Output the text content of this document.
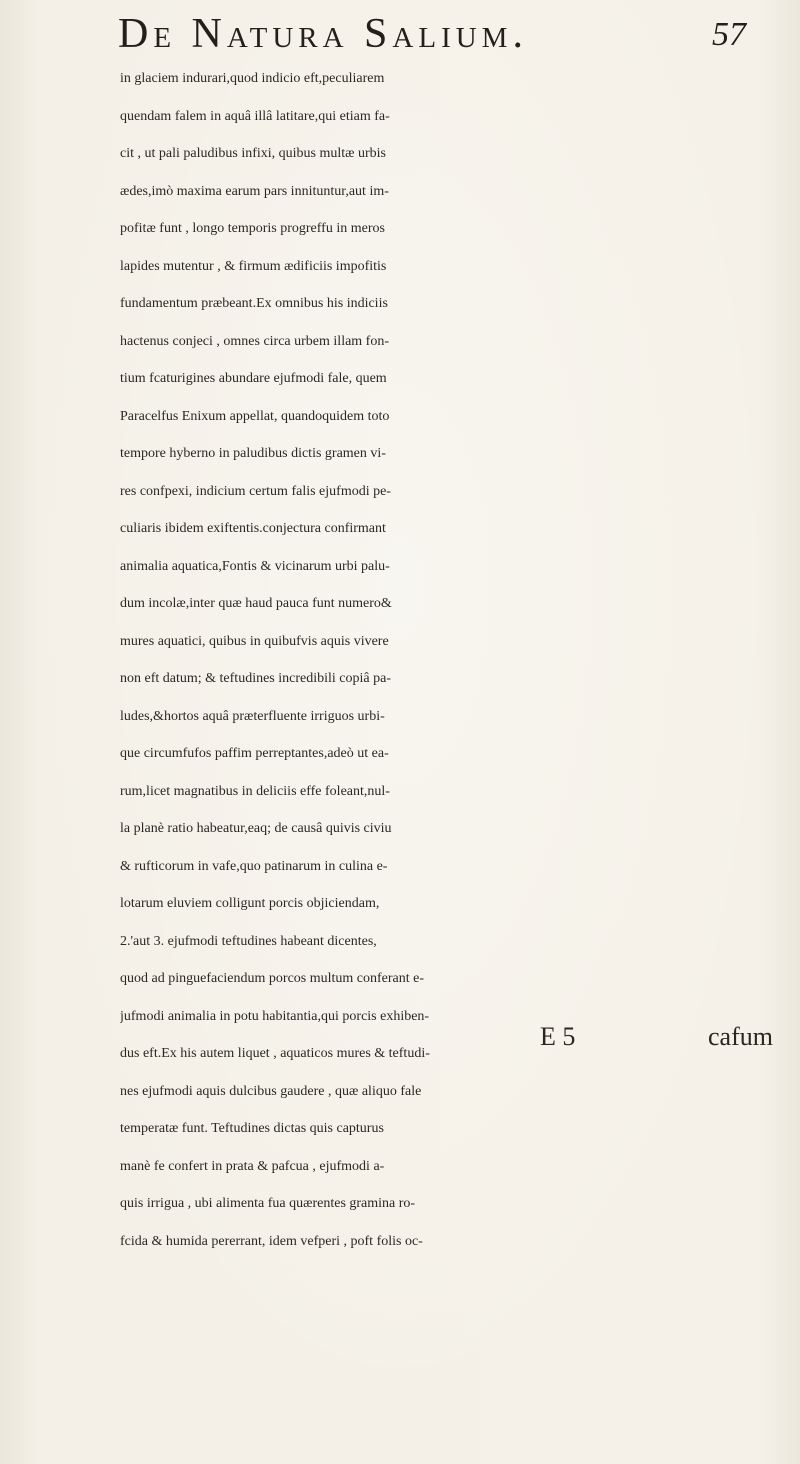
De Natura Salium.	57
in glaciem indurari,quod indicio eft,peculiarem
quendam falem in aquâ illâ latitare,qui etiam fa-
cit , ut pali paludibus infixi, quibus multæ urbis
ædes,imò maxima earum pars innituntur,aut im-
pofitæ funt , longo temporis progreffu in meros
lapides mutentur , & firmum ædificiis impofitis
fundamentum præbeant.Ex omnibus his indiciis
hactenus conjeci , omnes circa urbem illam fon-
tium fcaturigines abundare ejufmodi fale, quem
Paracelfus Enixum appellat, quandoquidem toto
tempore hyberno in paludibus dictis gramen vi-
res confpexi, indicium certum falis ejufmodi pe-
culiaris ibidem exiftentis.conjectura confirmant
animalia aquatica,Fontis & vicinarum urbi palu-
dum incolæ,inter quæ haud pauca funt numero&
mures aquatici, quibus in quibufvis aquis vivere
non eft datum; & teftudines incredibili copiâ pa-
ludes,&hortos aquâ præterfluente irriguos urbi-
que circumfufos paffim perreptantes,adeò ut ea-
rum,licet magnatibus in deliciis effe foleant,nul-
la planè ratio habeatur,eaq; de causâ quivis civiu
& rufticorum in vafe,quo patinarum in culina e-
lotarum eluviem colligunt porcis objiciendam,
2.'aut 3. ejufmodi teftudines habeant dicentes,
quod ad pinguefaciendum porcos multum conferant e-
jufmodi animalia in potu habitantia,qui porcis exhiben-
dus eft.Ex his autem liquet , aquaticos mures & teftudi-
nes ejufmodi aquis dulcibus gaudere , quæ aliquo fale
temperatæ funt. Teftudines dictas quis capturus
manè fe confert in prata & pafcua , ejufmodi a-
quis irrigua , ubi alimenta fua quærentes gramina ro-
fcida & humida pererrant, idem vefperi , poft folis oc-
E 5	cafum
